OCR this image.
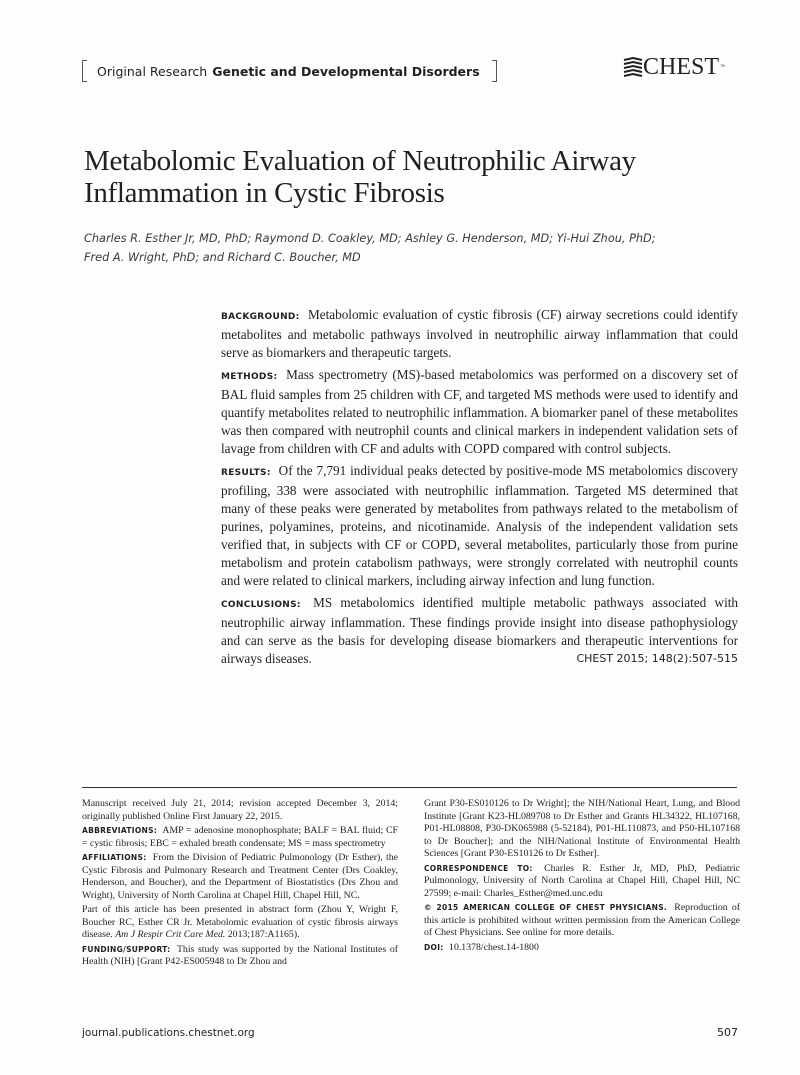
Original Research Genetic and Developmental Disorders	CHEST ™
Metabolomic Evaluation of Neutrophilic Airway Inflammation in Cystic Fibrosis
Charles R. Esther Jr, MD, PhD; Raymond D. Coakley, MD; Ashley G. Henderson, MD; Yi-Hui Zhou, PhD;
Fred A. Wright, PhD; and Richard C. Boucher, MD

BACKGROUND: Metabolomic evaluation of cystic fibrosis (CF) airway secretions could identify metabolites and metabolic pathways involved in neutrophilic airway inflammation that could serve as biomarkers and therapeutic targets.

METHODS: Mass spectrometry (MS)-based metabolomics was performed on a discovery set of BAL fluid samples from 25 children with CF, and targeted MS methods were used to identify and quantify metabolites related to neutrophilic inflammation. A biomarker panel of these metabolites was then compared with neutrophil counts and clinical markers in independent validation sets of lavage from children with CF and adults with COPD compared with control subjects.

RESULTS: Of the 7,791 individual peaks detected by positive-mode MS metabolomics discovery profiling, 338 were associated with neutrophilic inflammation. Targeted MS determined that many of these peaks were generated by metabolites from pathways related to the metabolism of purines, polyamines, proteins, and nicotinamide. Analysis of the independent validation sets verified that, in subjects with CF or COPD, several metabolites, particularly those from purine metabolism and protein catabolism pathways, were strongly correlated with neutrophil counts and were related to clinical markers, including airway infection and lung function.

CONCLUSIONS: MS metabolomics identified multiple metabolic pathways associated with neutrophilic airway inflammation. These findings provide insight into disease pathophysiology and can serve as the basis for developing disease biomarkers and therapeutic interventions for airways diseases.	CHEST 2015; 148(2):507-515

Manuscript received July 21, 2014; revision accepted December 3, 2014; originally published Online First January 22, 2015.

ABBREVIATIONS: AMP = adenosine monophosphate; BALF = BAL fluid; CF = cystic fibrosis; EBC = exhaled breath condensate; MS = mass spectrometry

AFFILIATIONS: From the Division of Pediatric Pulmonology (Dr Esther), the Cystic Fibrosis and Pulmonary Research and Treatment Center (Drs Coakley, Henderson, and Boucher), and the Department of Biostatistics (Drs Zhou and Wright), University of North Carolina at Chapel Hill, Chapel Hill, NC.

Part of this article has been presented in abstract form (Zhou Y, Wright F, Boucher RC, Esther CR Jr. Metabolomic evaluation of cystic fibrosis airways disease. Am J Respir Crit Care Med. 2013;187:A1165).

FUNDING/SUPPORT: This study was supported by the National Institutes of Health (NIH) [Grant P42-ES005948 to Dr Zhou and

Grant P30-ES010126 to Dr Wright]; the NIH/National Heart, Lung, and Blood Institute [Grant K23-HL089708 to Dr Esther and Grants HL34322, HL107168, P01-HL08808, P30-DK065988 (5-52184), P01-HL110873, and P50-HL107168 to Dr Boucher]; and the NIH/National Institute of Environmental Health Sciences [Grant P30-ES10126 to Dr Esther].

CORRESPONDENCE TO: Charles R. Esther Jr, MD, PhD, Pediatric Pulmonology, University of North Carolina at Chapel Hill, Chapel Hill, NC 27599; e-mail: Charles_Esther@med.unc.edu

© 2015 AMERICAN COLLEGE OF CHEST PHYSICIANS. Reproduction of this article is prohibited without written permission from the American College of Chest Physicians. See online for more details.

DOI: 10.1378/chest.14-1800

journal.publications.chestnet.org	507
